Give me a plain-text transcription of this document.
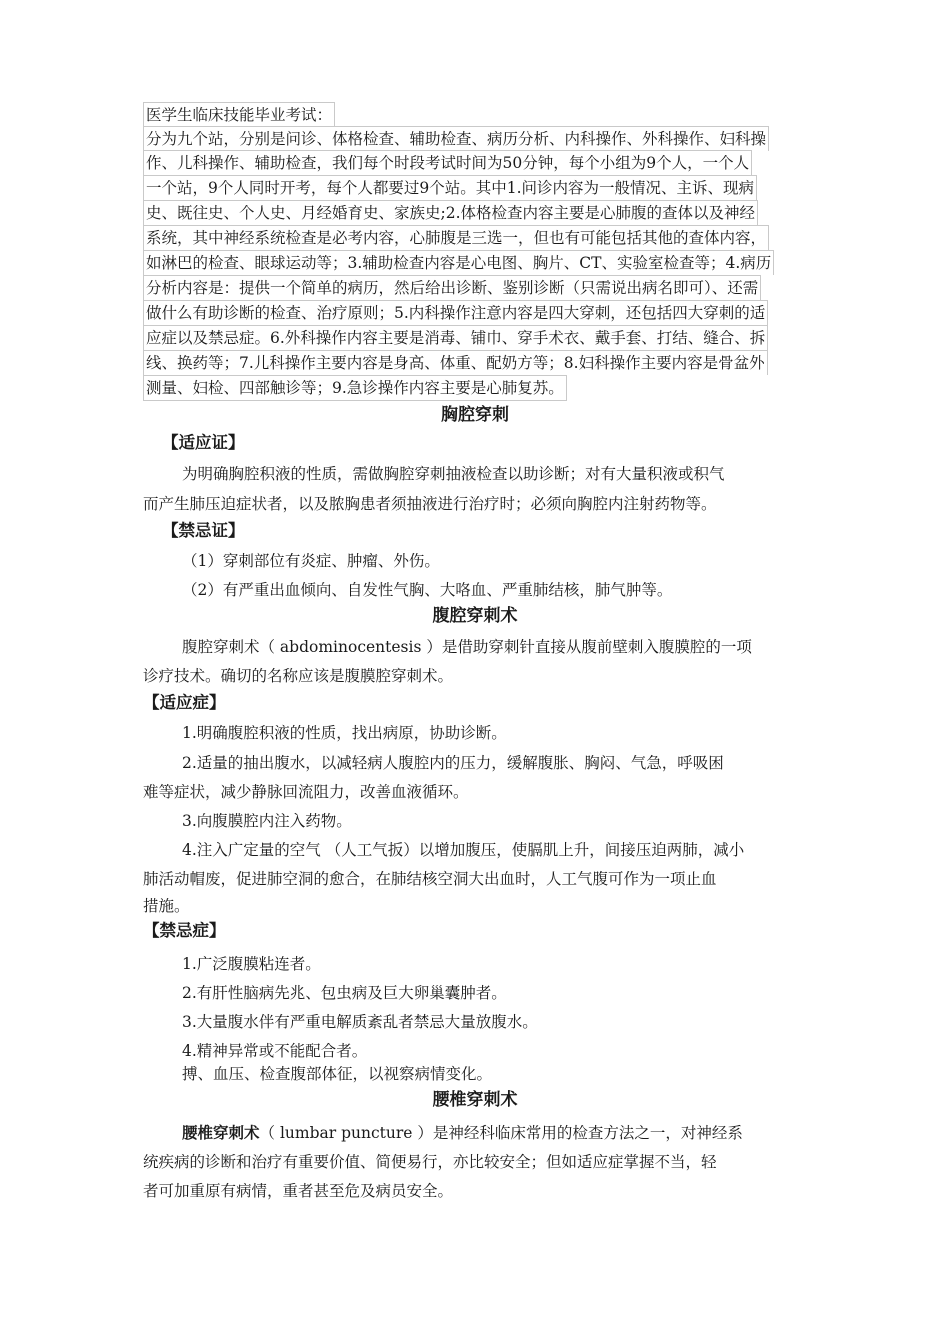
医学生临床技能毕业考试：
分为九个站，分别是问诊、体格检查、辅助检查、病历分析、内科操作、外科操作、妇科操
作、儿科操作、辅助检查，我们每个时段考试时间为50分钟，每个小组为9个人，一个人
一个站，9个人同时开考，每个人都要过9个站。其中1.问诊内容为一般情况、主诉、现病
史、既往史、个人史、月经婚育史、家族史;2.体格检查内容主要是心肺腹的查体以及神经
系统，其中神经系统检查是必考内容，心肺腹是三选一，但也有可能包括其他的查体内容，
如淋巴的检查、眼球运动等；3.辅助检查内容是心电图、胸片、CT、实验室检查等；4.病历
分析内容是：提供一个简单的病历，然后给出诊断、鉴别诊断（只需说出病名即可）、还需
做什么有助诊断的检查、治疗原则；5.内科操作注意内容是四大穿刺，还包括四大穿刺的适
应症以及禁忌症。6.外科操作内容主要是消毒、铺巾、穿手术衣、戴手套、打结、缝合、拆
线、换药等；7.儿科操作主要内容是身高、体重、配奶方等；8.妇科操作主要内容是骨盆外
测量、妇检、四部触诊等；9.急诊操作内容主要是心肺复苏。
胸腔穿刺
【适应证】
为明确胸腔积液的性质，需做胸腔穿刺抽液检查以助诊断；对有大量积液或积气
而产生肺压迫症状者，以及脓胸患者须抽液进行治疗时；必须向胸腔内注射药物等。
【禁忌证】
（1）穿刺部位有炎症、肿瘤、外伤。
（2）有严重出血倾向、自发性气胸、大咯血、严重肺结核，肺气肿等。
腹腔穿刺术
腹腔穿刺术（ abdominocentesis ）是借助穿刺针直接从腹前壁刺入腹膜腔的一项
诊疗技术。确切的名称应该是腹膜腔穿刺术。
【适应症】
1.明确腹腔积液的性质，找出病原，协助诊断。
2.适量的抽出腹水，以减轻病人腹腔内的压力，缓解腹胀、胸闷、气急，呼吸困
难等症状，减少静脉回流阻力，改善血液循环。
3.向腹膜腔内注入药物。
4.注入广定量的空气 （人工气扳）以增加腹压，使膈肌上升，间接压迫两肺，减小
肺活动帽废，促进肺空洞的愈合，在肺结核空洞大出血时，人工气腹可作为一项止血
措施。
【禁忌症】
1.广泛腹膜粘连者。
2.有肝性脑病先兆、包虫病及巨大卵巢囊肿者。
3.大量腹水伴有严重电解质紊乱者禁忌大量放腹水。
4.精神异常或不能配合者。
搏、血压、检查腹部体征，以视察病情变化。
腰椎穿刺术
腰椎穿刺术（ lumbar puncture ）是神经科临床常用的检查方法之一，对神经系
统疾病的诊断和治疗有重要价值、简便易行，亦比较安全；但如适应症掌握不当，轻
者可加重原有病情，重者甚至危及病员安全。
